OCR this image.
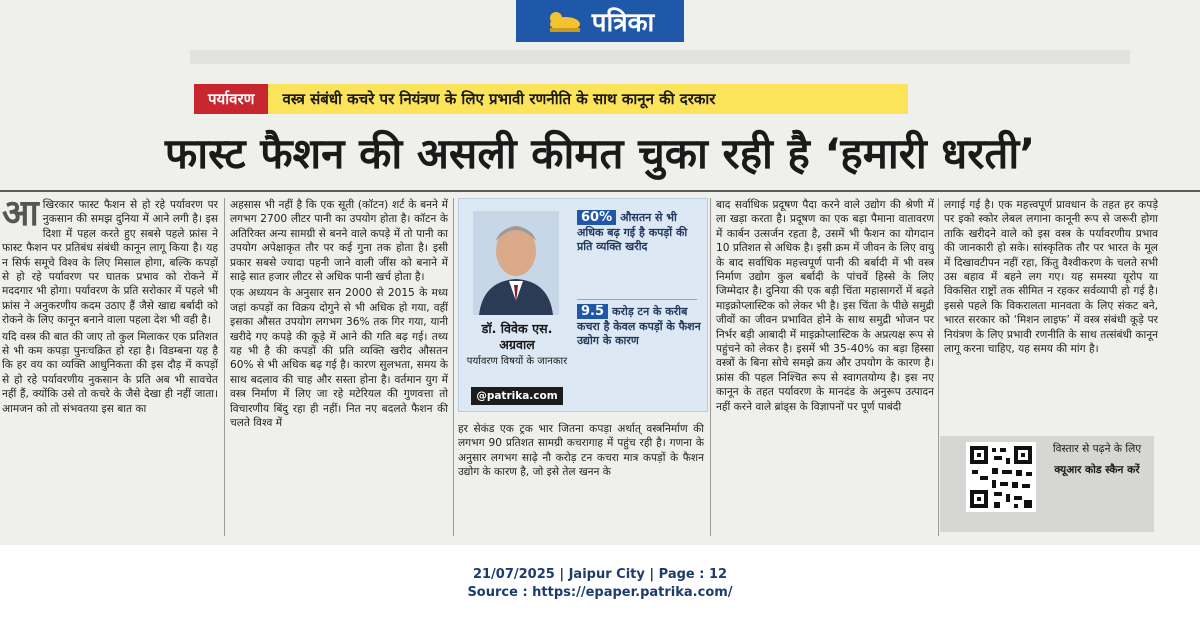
पत्रिका
पर्यावरण	वस्त्र संबंधी कचरे पर नियंत्रण के लिए प्रभावी रणनीति के साथ कानून की दरकार
फास्ट फैशन की असली कीमत चुका रही है ‘हमारी धरती’

आखिरकार फास्ट फैशन से हो रहे पर्यावरण पर नुकसान की समझ दुनिया में आने लगी है। इस दिशा में पहल करते हुए सबसे पहले फ्रांस ने फास्ट फैशन पर प्रतिबंध संबंधी कानून लागू किया है। यह न सिर्फ समूचे विश्व के लिए मिसाल होगा, बल्कि कपड़ों से हो रहे पर्यावरण पर घातक प्रभाव को रोकने में मददगार भी होगा। पर्यावरण के प्रति सरोकार में पहले भी फ्रांस ने अनुकरणीय कदम उठाए हैं जैसे खाद्य बर्बादी को रोकने के लिए कानून बनाने वाला पहला देश भी वही है।

यदि वस्त्र की बात की जाए तो कुल मिलाकर एक प्रतिशत से भी कम कपड़ा पुनःचक्रित हो रहा है। विडम्बना यह है कि हर वय का व्यक्ति आधुनिकता की इस दौड़ में कपड़ों से हो रहे पर्यावरणीय नुकसान के प्रति अब भी सावचेत नहीं हैं, क्योंकि उसे तो कचरे के जैसे देखा ही नहीं जाता। आमजन को तो संभवतया इस बात का

अहसास भी नहीं है कि एक सूती (कॉटन) शर्ट के बनने में लगभग 2700 लीटर पानी का उपयोग होता है। कॉटन के अतिरिक्त अन्य सामग्री से बनने वाले कपड़े में तो पानी का उपयोग अपेक्षाकृत तौर पर कई गुना तक होता है। इसी प्रकार सबसे ज्यादा पहनी जाने वाली जींस को बनाने में साढ़े सात हजार लीटर से अधिक पानी खर्च होता है।

एक अध्ययन के अनुसार सन 2000 से 2015 के मध्य जहां कपड़ों का विक्रय दोगुने से भी अधिक हो गया, वहीं इसका औसत उपयोग लगभग 36% तक गिर गया, यानी खरीदे गए कपड़े की कूड़े में आने की गति बढ़ गई। तथ्य यह भी है की कपड़ों की प्रति व्यक्ति खरीद औसतन 60% से भी अधिक बढ़ गई है। कारण सुलभता, समय के साथ बदलाव की चाह और सस्ता होना है। वर्तमान युग में वस्त्र निर्माण में लिए जा रहे मटेरियल की गुणवत्ता तो विचारणीय बिंदु रहा ही नहीं। नित नए बदलते फैशन की चलते विश्व में

डॉ. विवेक एस. अग्रवाल
पर्यावरण विषयों के जानकार
@patrika.com
60% औसतन से भी अधिक बढ़ गई है कपड़ों की प्रति व्यक्ति खरीद
9.5 करोड़ टन के करीब कचरा है केवल कपड़ों के फैशन उद्योग के कारण

हर सेकंड एक ट्रक भार जितना कपड़ा अर्थात् वस्त्रनिर्माण की लगभग 90 प्रतिशत सामग्री कचरागाह में पहुंच रही है। गणना के अनुसार लगभग साढ़े नौ करोड़ टन कचरा मात्र कपड़ों के फैशन उद्योग के कारण है, जो इसे तेल खनन के

बाद सर्वाधिक प्रदूषण पैदा करने वाले उद्योग की श्रेणी में ला खड़ा करता है। प्रदूषण का एक बड़ा पैमाना वातावरण में कार्बन उत्सर्जन रहता है, उसमें भी फैशन का योगदान 10 प्रतिशत से अधिक है। इसी क्रम में जीवन के लिए वायु के बाद सर्वाधिक महत्त्वपूर्ण पानी की बर्बादी में भी वस्त्र निर्माण उद्योग कुल बर्बादी के पांचवें हिस्से के लिए जिम्मेदार है। दुनिया की एक बड़ी चिंता महासागरों में बढ़ते माइक्रोप्लास्टिक को लेकर भी है। इस चिंता के पीछे समुद्री जीवों का जीवन प्रभावित होने के साथ समुद्री भोजन पर निर्भर बड़ी आबादी में माइक्रोप्लास्टिक के अप्रत्यक्ष रूप से पहुंचने को लेकर है। इसमें भी 35-40% का बड़ा हिस्सा वस्त्रों के बिना सोचे समझे क्रय और उपयोग के कारण है। फ्रांस की पहल निश्चित रूप से स्वागतयोग्य है। इस नए कानून के तहत पर्यावरण के मानदंड के अनुरूप उत्पादन नहीं करने वाले ब्रांड्स के विज्ञापनों पर पूर्ण पाबंदी

लगाई गई है। एक महत्त्वपूर्ण प्रावधान के तहत हर कपड़े पर इको स्कोर लेबल लगाना कानूनी रूप से जरूरी होगा ताकि खरीदने वाले को इस वस्त्र के पर्यावरणीय प्रभाव की जानकारी हो सके। सांस्कृतिक तौर पर भारत के मूल में दिखावटीपन नहीं रहा, किंतु वैश्वीकरण के चलते सभी उस बहाव में बहने लग गए। यह समस्या यूरोप या विकसित राष्ट्रों तक सीमित न रहकर सर्वव्यापी हो गई है। इससे पहले कि विकरालता मानवता के लिए संकट बने, भारत सरकार को ‘मिशन लाइफ’ में वस्त्र संबंधी कूड़े पर नियंत्रण के लिए प्रभावी रणनीति के साथ तत्संबंधी कानून लागू करना चाहिए, यह समय की मांग है।

विस्तार से पढ़ने के लिए
क्यूआर कोड स्कैन करें
21/07/2025 | Jaipur City | Page : 12
Source : https://epaper.patrika.com/
